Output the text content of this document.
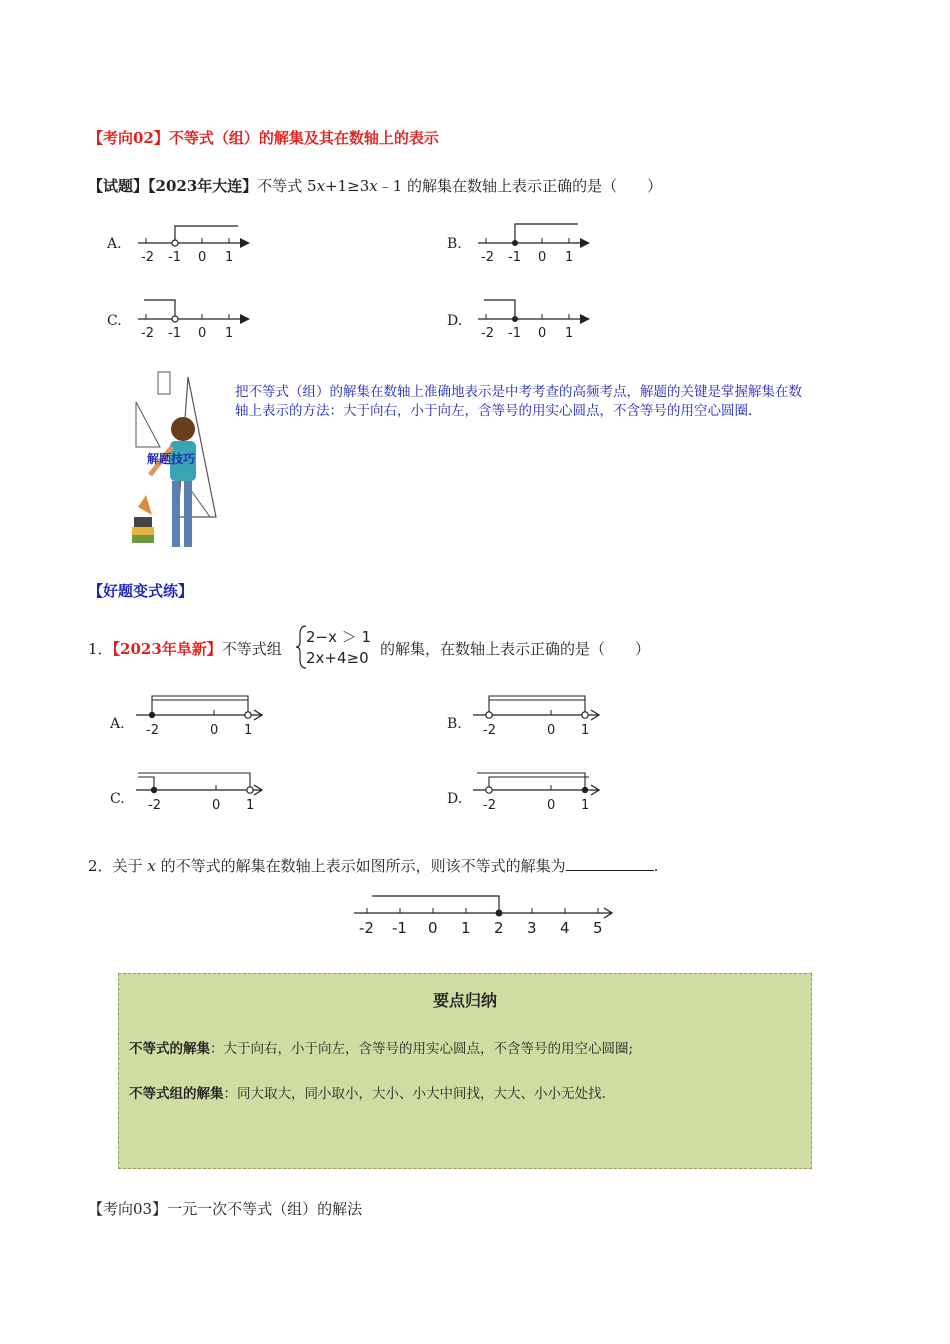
【考向02】不等式（组）的解集及其在数轴上的表示
【试题】【2023年大连】不等式 5x+1≥3x﹣1 的解集在数轴上表示正确的是（　　）
A.	B.
C.	D.
-2 -1 0 1	-2 -1 0 1
-2 -1 0 1	-2 -1 0 1
解题技巧
把不等式（组）的解集在数轴上准确地表示是中考考查的高频考点，解题的关键是掌握解集在数轴上表示的方法：大于向右，小于向左，含等号的用实心圆点，不含等号的用空心圆圈.
【好题变式练】
1．【2023年阜新】不等式组
2−x ＞ 1
2x+4≥0 的解集，在数轴上表示正确的是（　　）
A.	B.
C.	D.
-2	0 1	-2	0 1
-2	0 1	-2	0 1
2．关于 x 的不等式的解集在数轴上表示如图所示，则该不等式的解集为	.
-2 -1 0 1 2 3 4 5
要点归纳
不等式的解集：大于向右，小于向左，含等号的用实心圆点，不含等号的用空心圆圈;
不等式组的解集：同大取大，同小取小，大小、小大中间找，大大、小小无处找.
【考向03】一元一次不等式（组）的解法
